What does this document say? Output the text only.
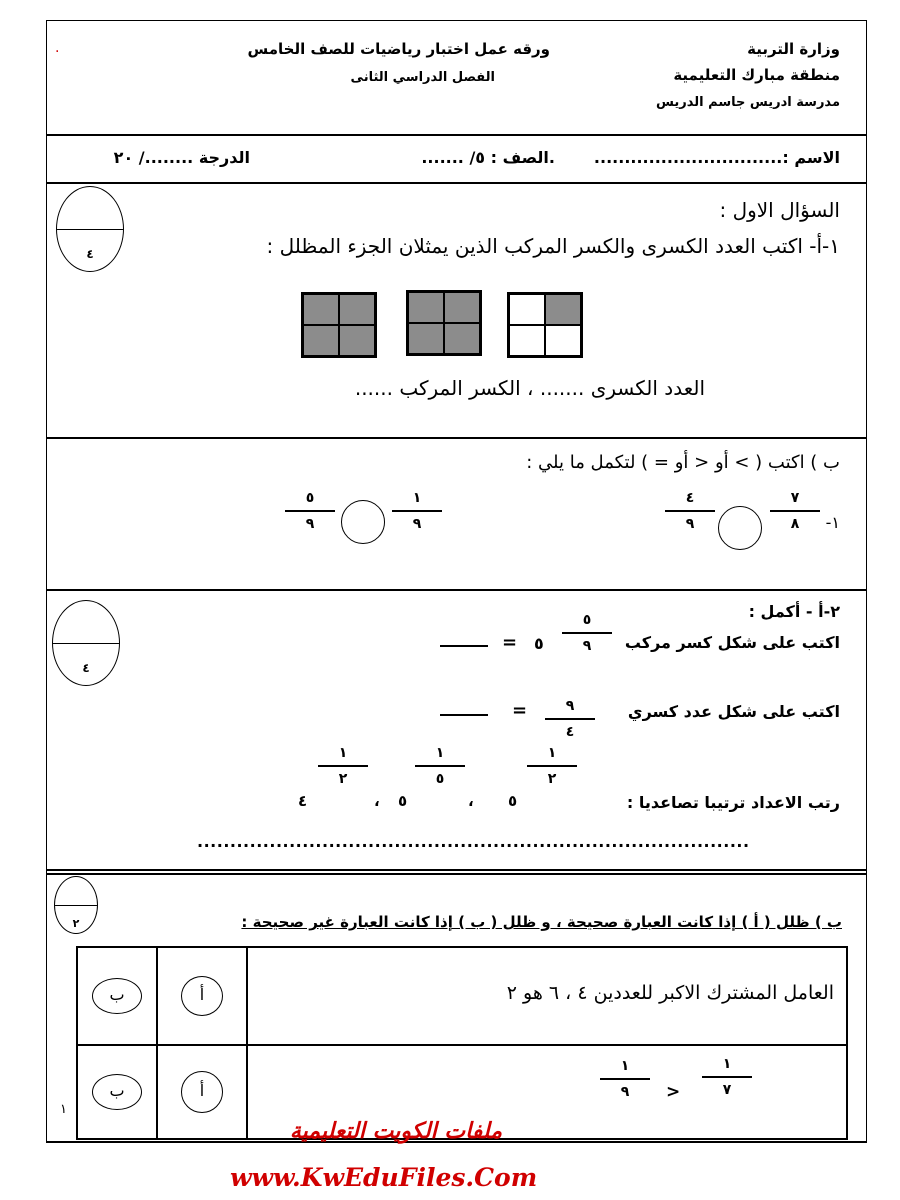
وزارة التربية
منطقة مبارك التعليمية
مدرسة ادريس جاسم الدريس
ورقه عمل اختبار رياضيات للصف الخامس
الفصل الدراسي الثانى
.
الاسم :...............................
.الصف : ٥/ .......
الدرجة ......../ ٢٠
٤
السؤال الاول :
١-أ- اكتب العدد الكسرى والكسر المركب الذين يمثلان الجزء المظلل :
العدد الكسرى ....... ، الكسر المركب ......
ب ) اكتب ( > أو < أو = ) لتكمل ما يلي :
-١
٧
٨
٤
٩
١
٩
٥
٩
٤
٢-أ - أكمل :
اكتب على شكل كسر مركب
٥
٩
٥
=
اكتب على شكل عدد كسري
٩
٤
=
رتب الاعداد ترتيبا تصاعديا :
١
٢
٥
،
١
٥
٥
،
١
٢
٤
....................................................................................
٢	ب ) ظلل ( أ ) إذا كانت العبارة صحيحة ، و ظلل ( ب ) إذا كانت العبارة غير صحيحة :
ب	أ	العامل المشترك الاكبر للعددين ٤ ، ٦ هو ٢

ب	أ	١
٧
>
١
٩
١
ملفات الكويت التعليمية
www.KwEduFiles.Com
